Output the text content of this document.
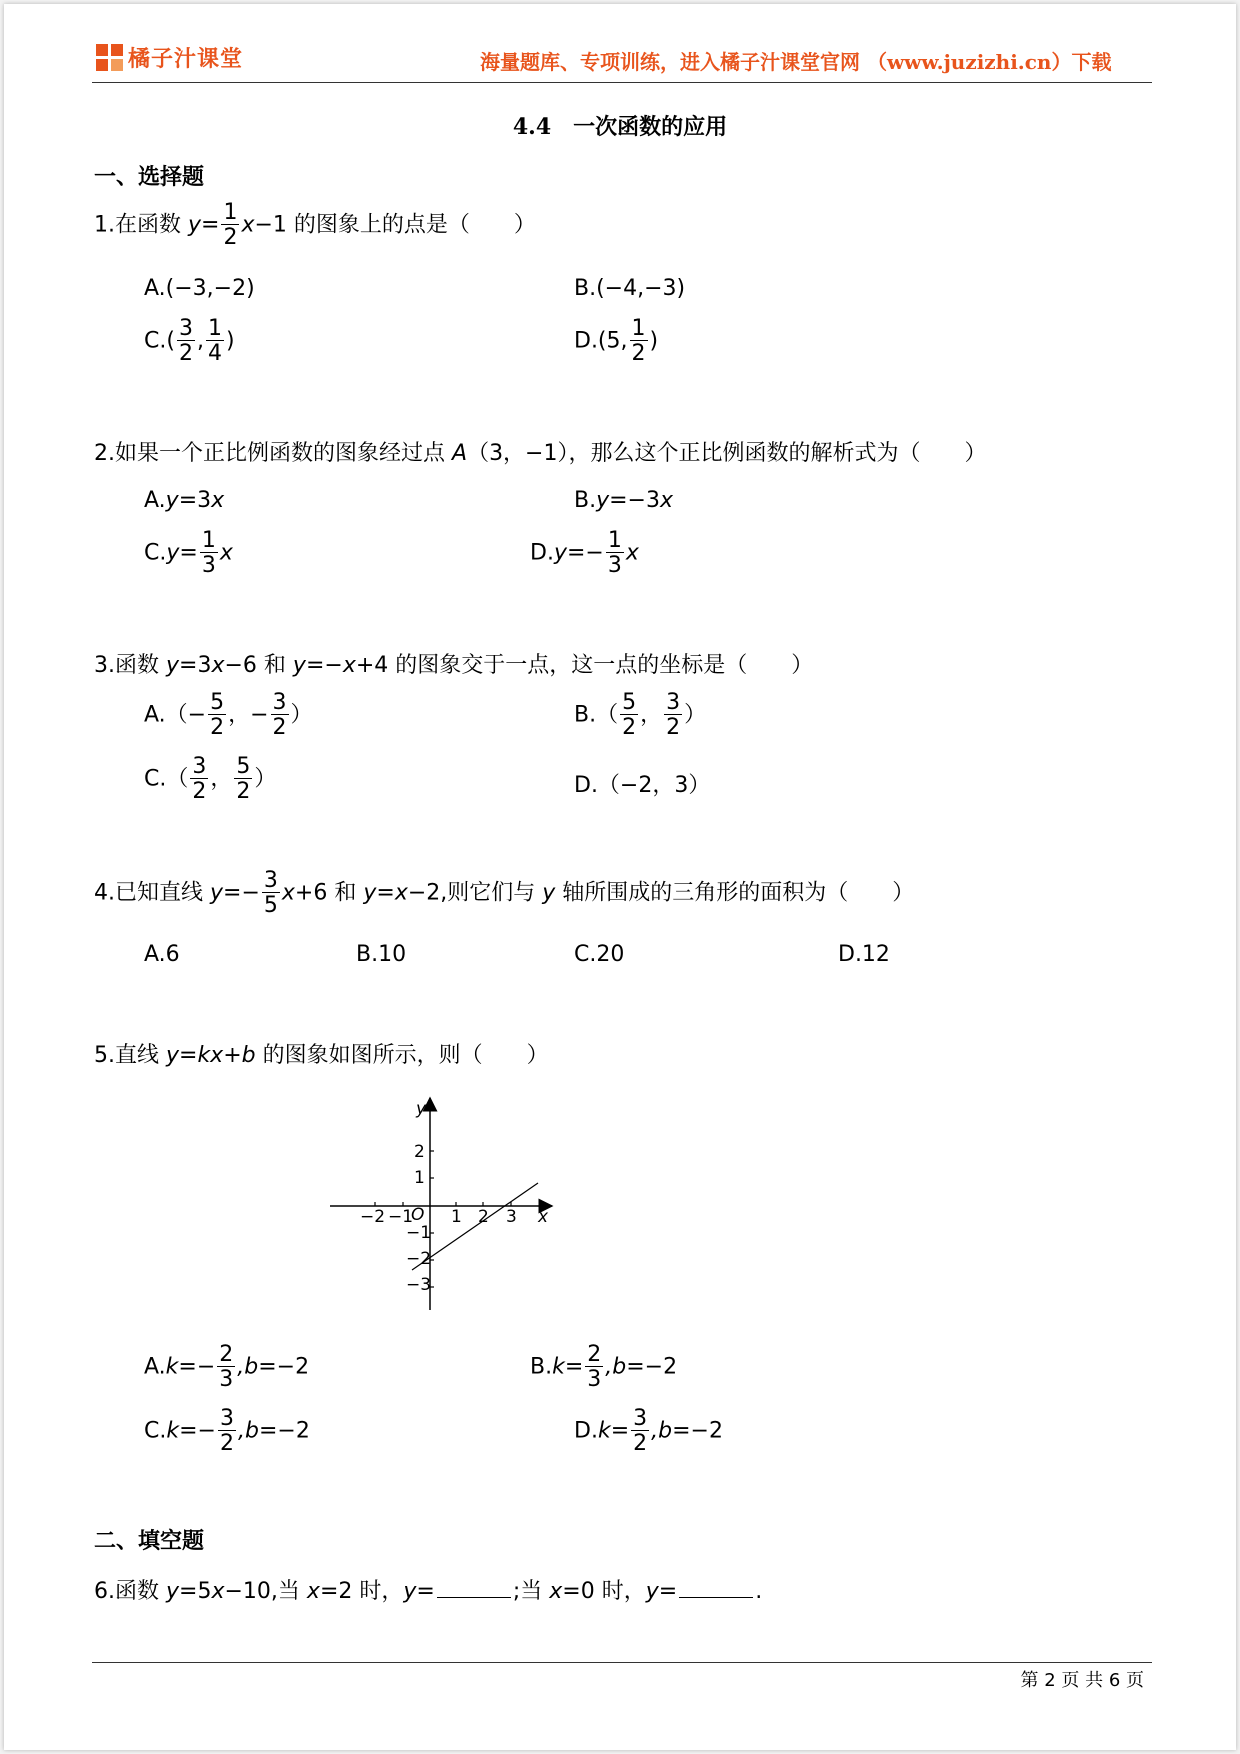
橘子汁课堂	海量题库、专项训练，进入橘子汁课堂官网 （www.juzizhi.cn）下载
4.4　一次函数的应用
一、选择题
1.在函数 $y= \frac{1}{2} x-1$ 的图象上的点是（　　）
A.(−3,−2)	B.(−4,−3)
$C.( \frac{3}{2}$ , $\frac{1}{4}$ )	D.(5, $\frac{1}{2}$ )
2.如果一个正比例函数的图象经过点 A（3，−1），那么这个正比例函数的解析式为（　　）
A.y=3x	B.y=−3x
$C.y= \frac{1}{3}$ x	$D.y=- \frac{1}{3}$ x
3.函数 y=3x−6 和 y=−x+4 的图象交于一点，这一点的坐标是（　　）
$A.(- \frac{5}{2}$ ，− $\frac{3}{2}$ ）	$B.( \frac{5}{2}$ ， $\frac{3}{2}$ ）
$C.( \frac{3}{2}$ ， $\frac{5}{2}$ ）	D.（−2，3）
4.已知直线 $y=- \frac{3}{5} x+6$ 和 y=x−2,则它们与 y 轴所围成的三角形的面积为（　　）
A.6	B.10	C.20	D.12
5.直线 y=kx+b 的图象如图所示，则（　　）
y
x
O
−2 −1 1 2 3
2
1
−1
−2
−3
$A.k=- \frac{2}{3} ,b=-2$	$B.k= \frac{2}{3} ,b=-2$
$C.k=- \frac{3}{2} ,b=-2$	$D.k= \frac{3}{2} ,b=-2$
二、填空题
6.函数 y=5x−10,当 x=2 时，y=	;当 x=0 时，y=	.
第 2 页 共 6 页
